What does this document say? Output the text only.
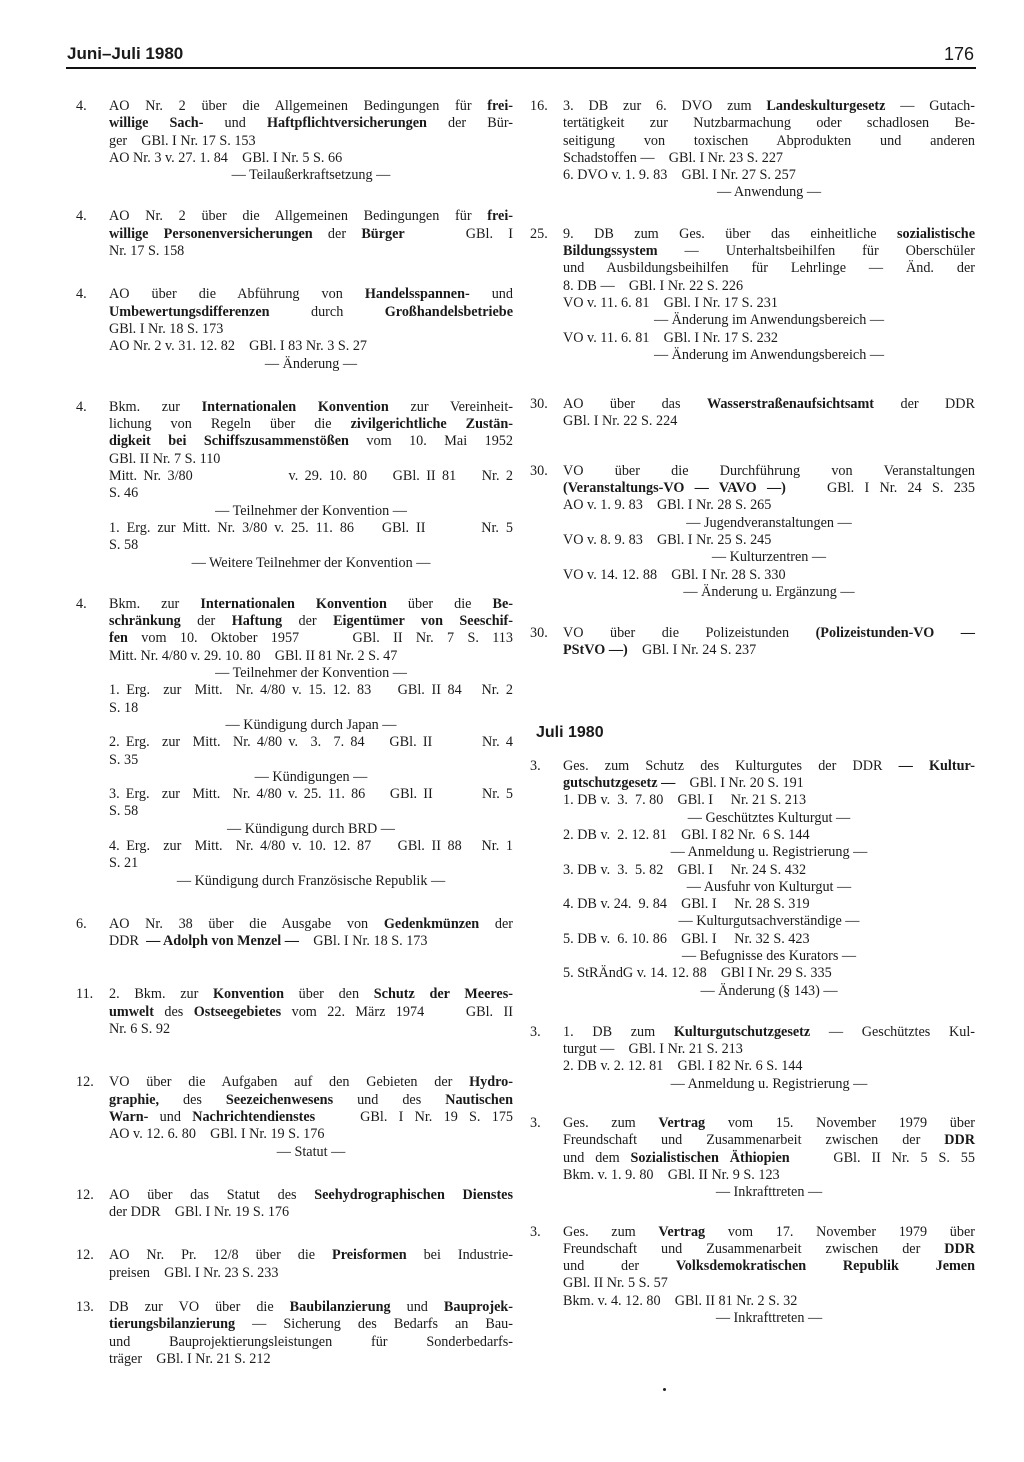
Juni–Juli 1980	176
4.	AO Nr. 2 über die Allgemeinen Bedingungen für frei-
willige Sach- und Haftpflichtversicherungen der Bür-
ger    GBl. I Nr. 17 S. 153
AO Nr. 3 v. 27. 1. 84    GBl. I Nr. 5 S. 66
— Teilaußerkraftsetzung —
4.	AO Nr. 2 über die Allgemeinen Bedingungen für frei-
willige Personenversicherungen der Bürger    GBl. I
Nr. 17 S. 158
4.	AO über die Abführung von Handelsspannen- und
Umbewertungsdifferenzen durch Großhandelsbetriebe
GBl. I Nr. 18 S. 173
AO Nr. 2 v. 31. 12. 82    GBl. I 83 Nr. 3 S. 27
— Änderung —
4.	Bkm. zur Internationalen Konvention zur Vereinheit-
lichung von Regeln über die zivilgerichtliche Zustän-
digkeit bei Schiffszusammenstößen vom 10. Mai 1952
GBl. II Nr. 7 S. 110
Mitt. Nr. 3/80               v. 29. 10. 80    GBl. II 81    Nr. 2
S. 46
— Teilnehmer der Konvention —
1. Erg. zur Mitt. Nr. 3/80 v. 25. 11. 86    GBl. II        Nr. 5
S. 58
— Weitere Teilnehmer der Konvention —
4.	Bkm. zur Internationalen Konvention über die Be-
schränkung der Haftung der Eigentümer von Seeschif-
fen vom 10. Oktober 1957    GBl. II Nr. 7 S. 113
Mitt. Nr. 4/80 v. 29. 10. 80    GBl. II 81 Nr. 2 S. 47
— Teilnehmer der Konvention —
1. Erg.  zur  Mitt.  Nr. 4/80 v. 15. 12. 83    GBl. II 84   Nr. 2
S. 18
— Kündigung durch Japan —
2. Erg.  zur  Mitt.  Nr. 4/80 v.  3.  7. 84    GBl. II        Nr. 4
S. 35
— Kündigungen —
3. Erg.  zur  Mitt.  Nr. 4/80 v. 25. 11. 86    GBl. II        Nr. 5
S. 58
— Kündigung durch BRD —
4. Erg.  zur  Mitt.  Nr. 4/80 v. 10. 12. 87    GBl. II 88   Nr. 1
S. 21
— Kündigung durch Französische Republik —
6.	AO Nr. 38 über die Ausgabe von Gedenkmünzen der
DDR  — Adolph von Menzel —    GBl. I Nr. 18 S. 173
11.	2. Bkm. zur Konvention über den Schutz der Meeres-
umwelt des Ostseegebietes vom 22. März 1974    GBl. II
Nr. 6 S. 92
12.	VO über die Aufgaben auf den Gebieten der Hydro-
graphie, des Seezeichenwesens und des Nautischen
Warn- und Nachrichtendienstes    GBl. I Nr. 19 S. 175
AO v. 12. 6. 80    GBl. I Nr. 19 S. 176
— Statut —
12.	AO über das Statut des Seehydrographischen Dienstes
der DDR    GBl. I Nr. 19 S. 176
12.	AO Nr. Pr. 12/8 über die Preisformen bei Industrie-
preisen    GBl. I Nr. 23 S. 233
13.	DB zur VO über die Baubilanzierung und Bauprojek-
tierungsbilanzierung — Sicherung des Bedarfs an Bau-
und Bauprojektierungsleistungen für Sonderbedarfs-
träger    GBl. I Nr. 21 S. 212
16.	3. DB zur 6. DVO zum Landeskulturgesetz — Gutach-
tertätigkeit zur Nutzbarmachung oder schadlosen Be-
seitigung von toxischen Abprodukten und anderen
Schadstoffen —    GBl. I Nr. 23 S. 227
6. DVO v. 1. 9. 83    GBl. I Nr. 27 S. 257
— Anwendung —
25.	9. DB zum Ges. über das einheitliche sozialistische
Bildungssystem — Unterhaltsbeihilfen für Oberschüler
und Ausbildungsbeihilfen für Lehrlinge — Änd. der
8. DB —    GBl. I Nr. 22 S. 226
VO v. 11. 6. 81    GBl. I Nr. 17 S. 231
— Änderung im Anwendungsbereich —
VO v. 11. 6. 81    GBl. I Nr. 17 S. 232
— Änderung im Anwendungsbereich —
30.	AO über das Wasserstraßenaufsichtsamt der DDR
GBl. I Nr. 22 S. 224
30.	VO über die Durchführung von Veranstaltungen
(Veranstaltungs-VO — VAVO —)    GBl. I Nr. 24 S. 235
AO v. 1. 9. 83    GBl. I Nr. 28 S. 265
— Jugendveranstaltungen —
VO v. 8. 9. 83    GBl. I Nr. 25 S. 245
— Kulturzentren —
VO v. 14. 12. 88    GBl. I Nr. 28 S. 330
— Änderung u. Ergänzung —
30.	VO über die Polizeistunden (Polizeistunden-VO —
PStVO —)    GBl. I Nr. 24 S. 237
Juli 1980
3.	Ges. zum Schutz des Kulturgutes der DDR — Kultur-
gutschutzgesetz —    GBl. I Nr. 20 S. 191
1. DB v.  3.  7. 80    GBl. I     Nr. 21 S. 213
— Geschütztes Kulturgut —
2. DB v.  2. 12. 81    GBl. I 82 Nr.  6 S. 144
— Anmeldung u. Registrierung —
3. DB v.  3.  5. 82    GBl. I     Nr. 24 S. 432
— Ausfuhr von Kulturgut —
4. DB v. 24.  9. 84    GBl. I     Nr. 28 S. 319
— Kulturgutsachverständige —
5. DB v.  6. 10. 86    GBl. I     Nr. 32 S. 423
— Befugnisse des Kurators —
5. StRÄndG v. 14. 12. 88    GBl I Nr. 29 S. 335
— Änderung (§ 143) —
3.	1. DB zum Kulturgutschutzgesetz — Geschütztes Kul-
turgut —    GBl. I Nr. 21 S. 213
2. DB v. 2. 12. 81    GBl. I 82 Nr. 6 S. 144
— Anmeldung u. Registrierung —
3.	Ges. zum Vertrag vom 15. November 1979 über
Freundschaft und Zusammenarbeit zwischen der DDR
und dem Sozialistischen Äthiopien    GBl. II Nr. 5 S. 55
Bkm. v. 1. 9. 80    GBl. II Nr. 9 S. 123
— Inkrafttreten —
3.	Ges. zum Vertrag vom 17. November 1979 über
Freundschaft und Zusammenarbeit zwischen der DDR
und der Volksdemokratischen Republik Jemen
GBl. II Nr. 5 S. 57
Bkm. v. 4. 12. 80    GBl. II 81 Nr. 2 S. 32
— Inkrafttreten —
